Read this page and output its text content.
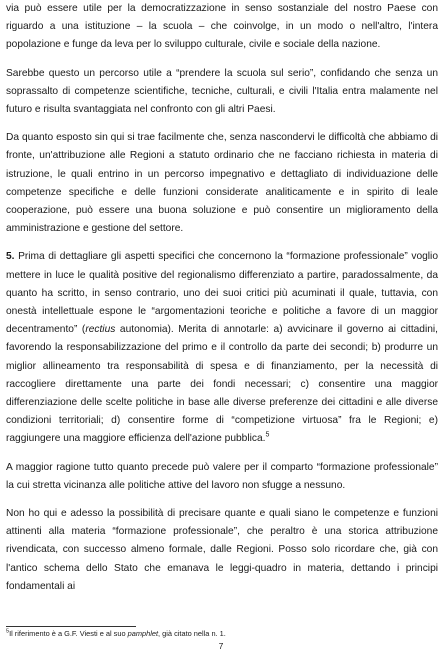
via può essere utile per la democratizzazione in senso sostanziale del nostro Paese con riguardo a una istituzione – la scuola – che coinvolge, in un modo o nell'altro, l'intera popolazione e funge da leva per lo sviluppo culturale, civile e sociale della nazione.

Sarebbe questo un percorso utile a “prendere la scuola sul serio”, confidando che senza un soprassalto di competenze scientifiche, tecniche, culturali, e civili l'Italia entra malamente nel futuro e risulta svantaggiata nel confronto con gli altri Paesi.

Da quanto esposto sin qui si trae facilmente che, senza nascondervi le difficoltà che abbiamo di fronte, un'attribuzione alle Regioni a statuto ordinario che ne facciano richiesta in materia di istruzione, le quali entrino in un percorso impegnativo e dettagliato di individuazione delle competenze specifiche e delle funzioni considerate analiticamente e in spirito di leale cooperazione, può essere una buona soluzione e può consentire un miglioramento della amministrazione e gestione del settore.

5. Prima di dettagliare gli aspetti specifici che concernono la “formazione professionale” voglio mettere in luce le qualità positive del regionalismo differenziato a partire, paradossalmente, da quanto ha scritto, in senso contrario, uno dei suoi critici più acuminati il quale, tuttavia, con onestà intellettuale espone le “argomentazioni teoriche e politiche a favore di un maggior decentramento” (rectius autonomia). Merita di annotarle: a) avvicinare il governo ai cittadini, favorendo la responsabilizzazione del primo e il controllo da parte dei secondi; b) produrre un miglior allineamento tra responsabilità di spesa e di finanziamento, per la necessità di raccogliere direttamente una parte dei fondi necessari; c) consentire una maggior differenziazione delle scelte politiche in base alle diverse preferenze dei cittadini e alle diverse condizioni territoriali; d) consentire forme di “competizione virtuosa” fra le Regioni; e) raggiungere una maggiore efficienza dell'azione pubblica.$^5$

A maggior ragione tutto quanto precede può valere per il comparto “formazione professionale” la cui stretta vicinanza alle politiche attive del lavoro non sfugge a nessuno.

Non ho qui e adesso la possibilità di precisare quante e quali siano le competenze e funzioni attinenti alla materia “formazione professionale”, che peraltro è una storica attribuzione rivendicata, con successo almeno formale, dalle Regioni. Posso solo ricordare che, già con l'antico schema dello Stato che emanava le leggi-quadro in materia, dettando i principi fondamentali ai

$^5$Il riferimento è a G.F. Viesti e al suo pamphlet, già citato nella n. 1.
7
